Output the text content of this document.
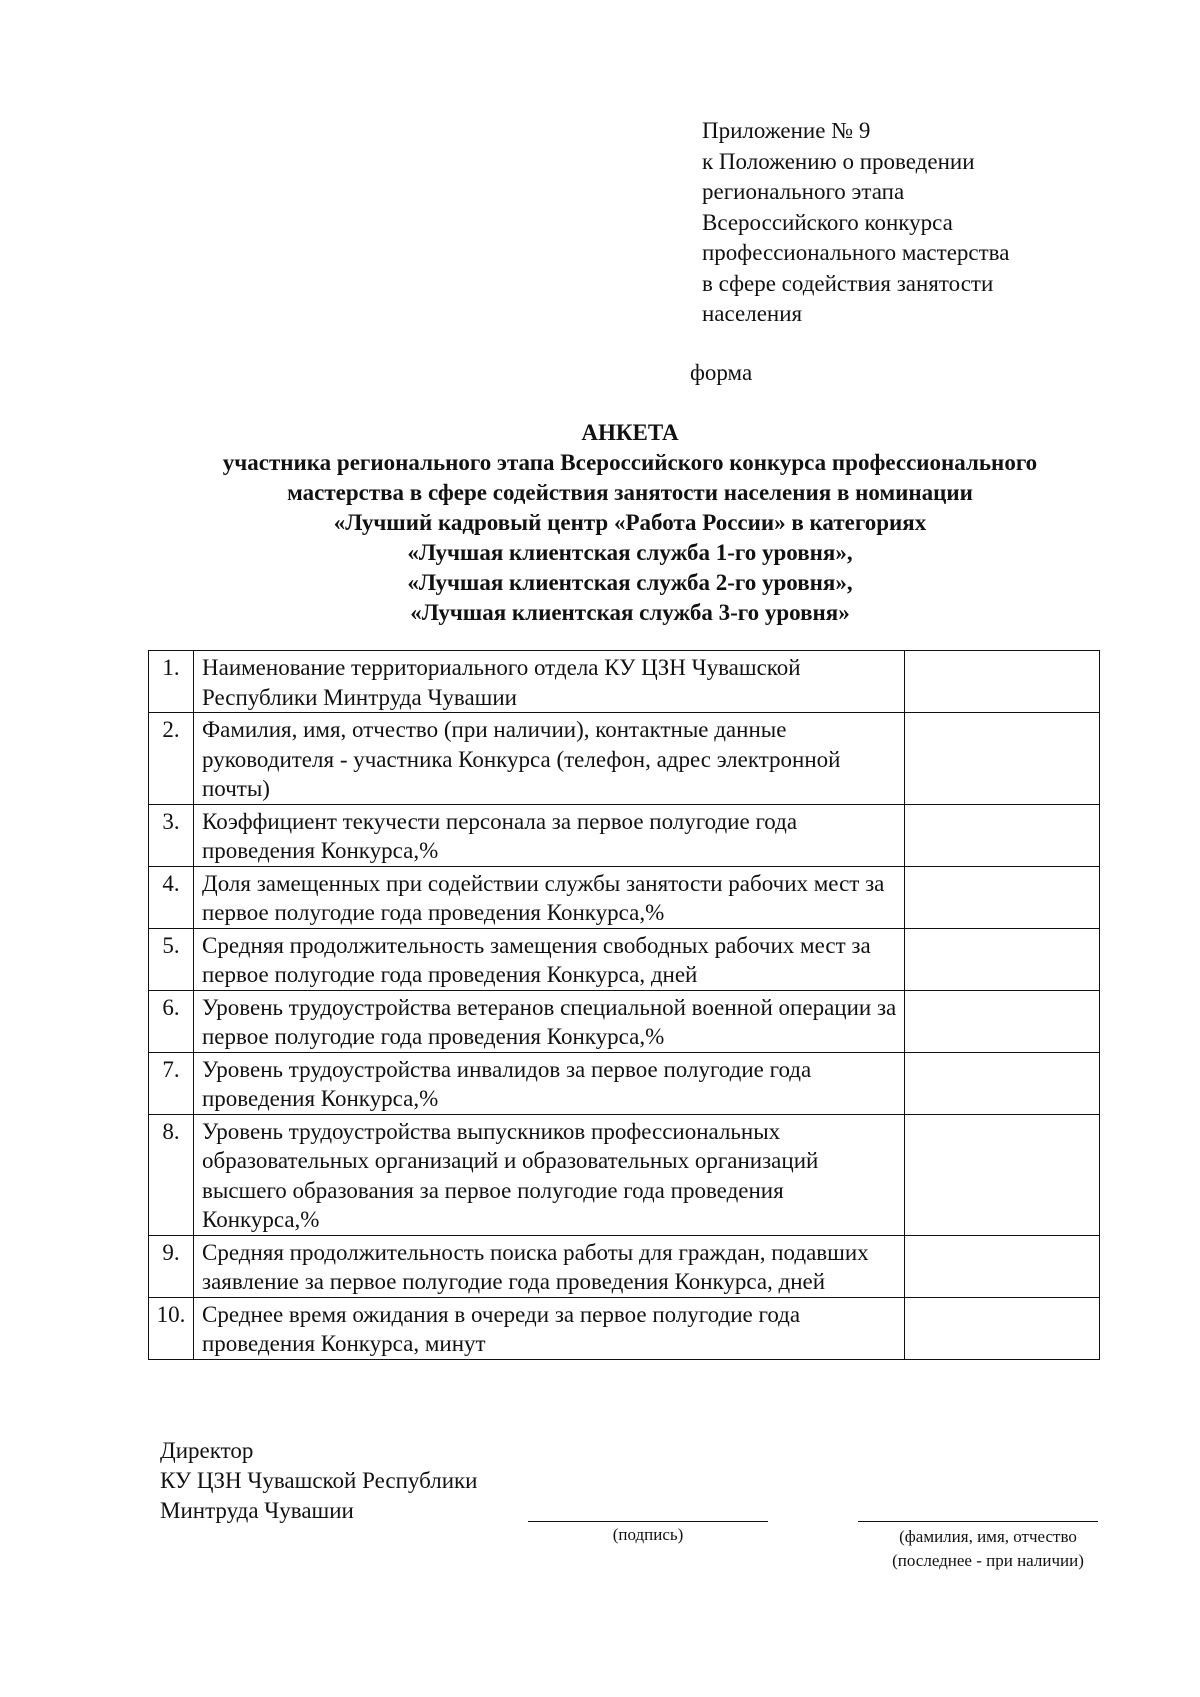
Приложение № 9
к Положению о проведении
регионального этапа
Всероссийского конкурса
профессионального мастерства
в сфере содействия занятости
населения
форма
АНКЕТА
участника регионального этапа Всероссийского конкурса профессионального
мастерства в сфере содействия занятости населения в номинации
«Лучший кадровый центр «Работа России» в категориях
«Лучшая клиентская служба 1-го уровня»,
«Лучшая клиентская служба 2-го уровня»,
«Лучшая клиентская служба 3-го уровня»
1.	Наименование территориального отдела КУ ЦЗН Чувашской Республики Минтруда Чувашии	
2.	Фамилия, имя, отчество (при наличии), контактные данные руководителя - участника Конкурса (телефон, адрес электронной почты)	
3.	Коэффициент текучести персонала за первое полугодие года проведения Конкурса,%	
4.	Доля замещенных при содействии службы занятости рабочих мест за первое полугодие года проведения Конкурса,%	
5.	Средняя продолжительность замещения свободных рабочих мест за первое полугодие года проведения Конкурса, дней	
6.	Уровень трудоустройства ветеранов специальной военной операции за первое полугодие года проведения Конкурса,%	
7.	Уровень трудоустройства инвалидов за первое полугодие года проведения Конкурса,%	
8.	Уровень трудоустройства выпускников профессиональных образовательных организаций и образовательных организаций высшего образования за первое полугодие года проведения Конкурса,%	
9.	Средняя продолжительность поиска работы для граждан, подавших заявление за первое полугодие года проведения Конкурса, дней	
10.	Среднее время ожидания в очереди за первое полугодие года проведения Конкурса, минут	
Директор
КУ ЦЗН Чувашской Республики
Минтруда Чувашии
(подпись)	(фамилия, имя, отчество (последнее - при наличии)
